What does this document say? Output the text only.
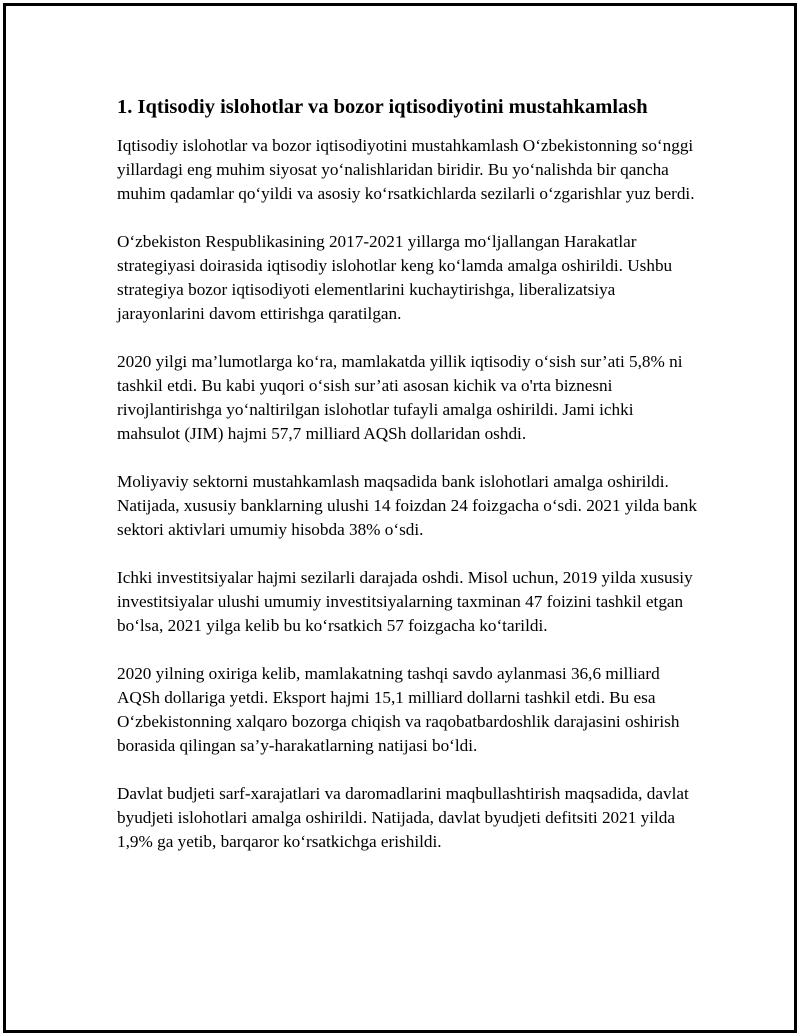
1. Iqtisodiy islohotlar va bozor iqtisodiyotini mustahkamlash

Iqtisodiy islohotlar va bozor iqtisodiyotini mustahkamlash O‘zbekistonning so‘nggi yillardagi eng muhim siyosat yo‘nalishlaridan biridir. Bu yo‘nalishda bir qancha muhim qadamlar qo‘yildi va asosiy ko‘rsatkichlarda sezilarli o‘zgarishlar yuz berdi.

O‘zbekiston Respublikasining 2017-2021 yillarga mo‘ljallangan Harakatlar strategiyasi doirasida iqtisodiy islohotlar keng ko‘lamda amalga oshirildi. Ushbu strategiya bozor iqtisodiyoti elementlarini kuchaytirishga, liberalizatsiya jarayonlarini davom ettirishga qaratilgan.

2020 yilgi ma’lumotlarga ko‘ra, mamlakatda yillik iqtisodiy o‘sish sur’ati 5,8% ni tashkil etdi. Bu kabi yuqori o‘sish sur’ati asosan kichik va o'rta biznesni rivojlantirishga yo‘naltirilgan islohotlar tufayli amalga oshirildi. Jami ichki mahsulot (JIM) hajmi 57,7 milliard AQSh dollaridan oshdi.

Moliyaviy sektorni mustahkamlash maqsadida bank islohotlari amalga oshirildi. Natijada, xususiy banklarning ulushi 14 foizdan 24 foizgacha o‘sdi. 2021 yilda bank sektori aktivlari umumiy hisobda 38% o‘sdi.

Ichki investitsiyalar hajmi sezilarli darajada oshdi. Misol uchun, 2019 yilda xususiy investitsiyalar ulushi umumiy investitsiyalarning taxminan 47 foizini tashkil etgan bo‘lsa, 2021 yilga kelib bu ko‘rsatkich 57 foizgacha ko‘tarildi.

2020 yilning oxiriga kelib, mamlakatning tashqi savdo aylanmasi 36,6 milliard AQSh dollariga yetdi. Eksport hajmi 15,1 milliard dollarni tashkil etdi. Bu esa O‘zbekistonning xalqaro bozorga chiqish va raqobatbardoshlik darajasini oshirish borasida qilingan sa’y-harakatlarning natijasi bo‘ldi.

Davlat budjeti sarf-xarajatlari va daromadlarini maqbullashtirish maqsadida, davlat byudjeti islohotlari amalga oshirildi. Natijada, davlat byudjeti defitsiti 2021 yilda 1,9% ga yetib, barqaror ko‘rsatkichga erishildi.
